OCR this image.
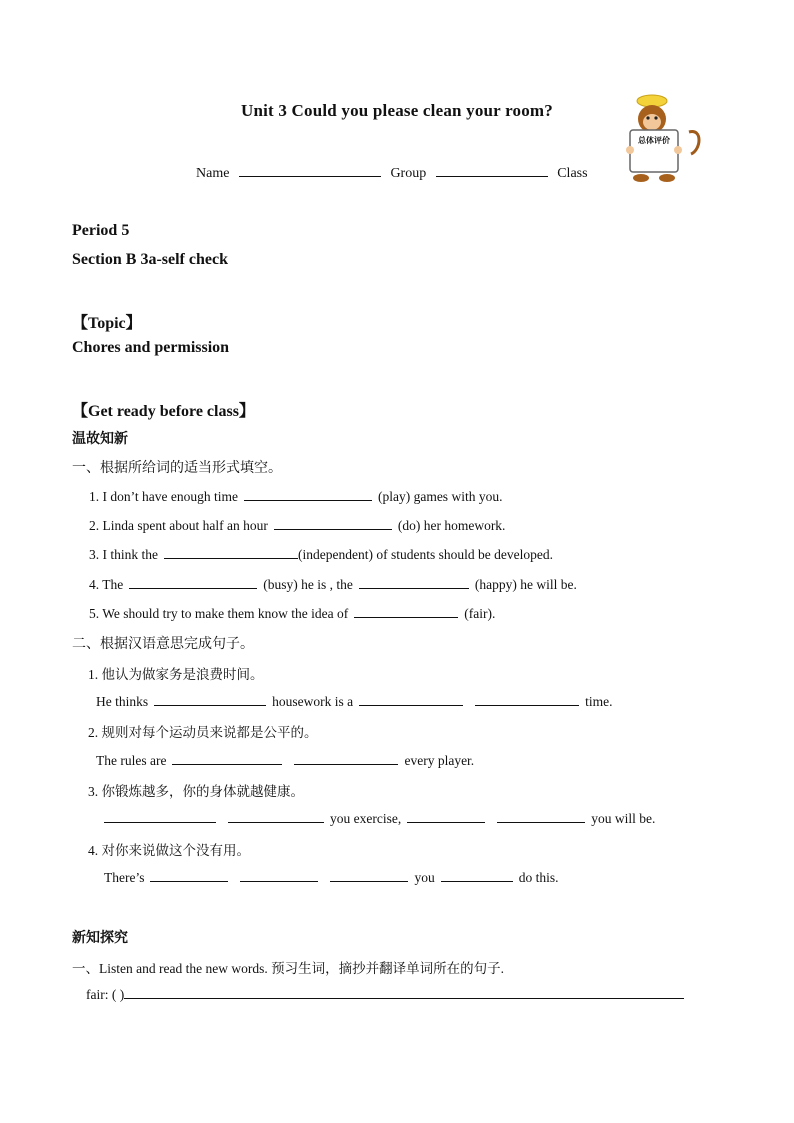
Unit 3 Could you please clean your room?
Name	Group	Class
总体评价
Period 5
Section B 3a-self check
【Topic】
Chores and permission
【Get ready before class】
温故知新
一、根据所给词的适当形式填空。
1. I don’t have enough time	(play) games with you.
2. Linda spent about half an hour	(do) her homework.
3. I think the	(independent) of students should be developed.
4. The	(busy) he is , the	(happy) he will be.
5. We should try to make them know the idea of	(fair).
二、根据汉语意思完成句子。
1. 他认为做家务是浪费时间。
He thinks	housework is a	time.
2. 规则对每个运动员来说都是公平的。
The rules are	every player.
3. 你锻炼越多，你的身体就越健康。
you exercise,	you will be.
4. 对你来说做这个没有用。
There’s	you	do this.
新知探究
一、Listen and read the new words. 预习生词，摘抄并翻译单词所在的句子.
fair: ( )
